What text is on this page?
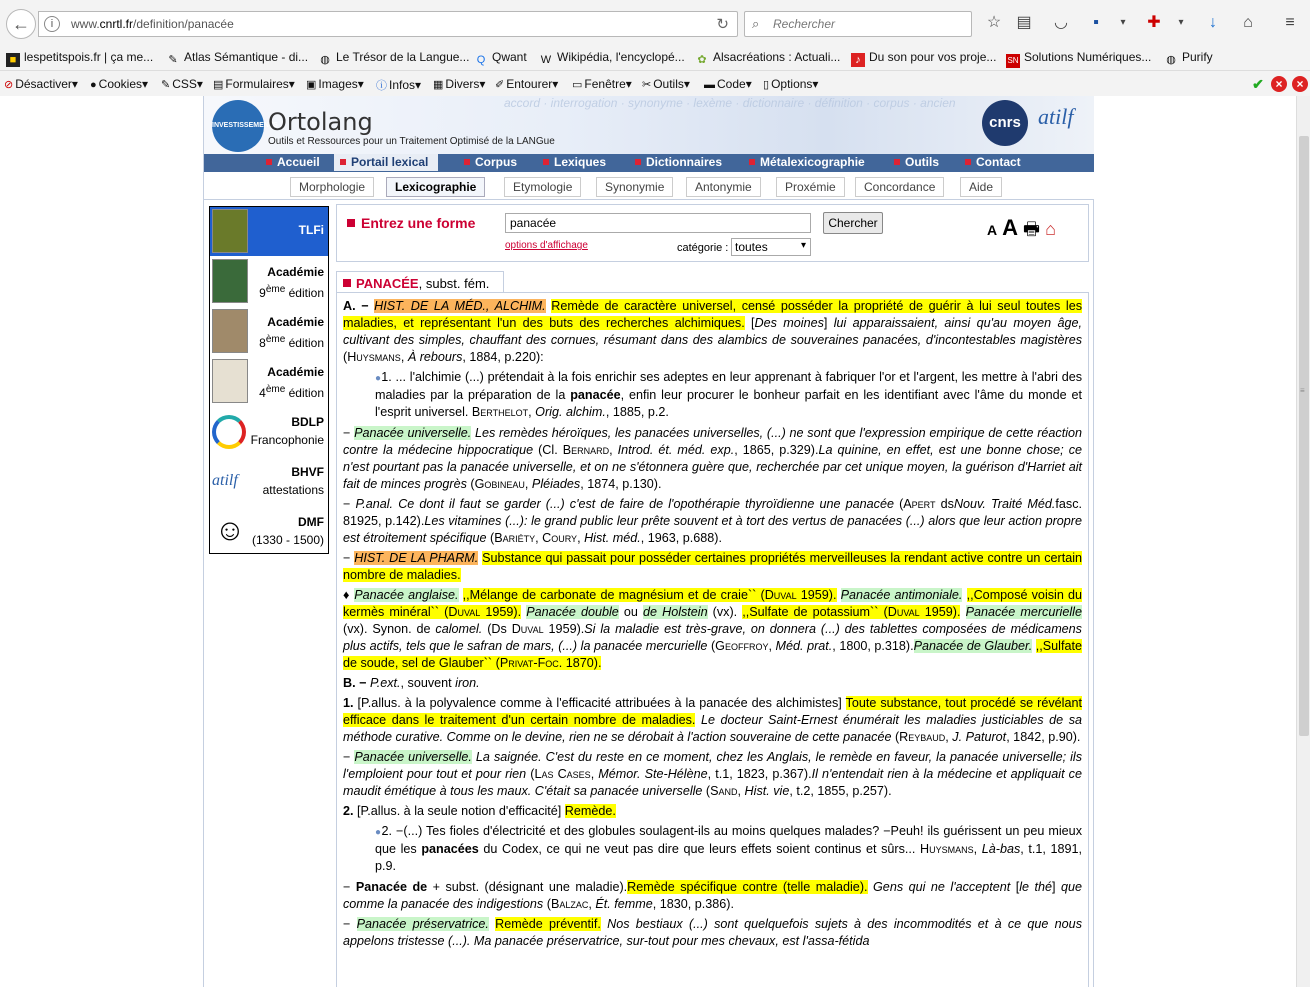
←	i	www.cnrtl.fr/definition/panacée	↻ ⌕ Rechercher	☆ ▤ ◡	▪	▾	✚	▾	↓	⌂	≡
■ lespetitspois.fr | ça me... ✎ Atlas Sémantique - di... ◍ Le Trésor de la Langue... Q Qwant W Wikipédia, l'encyclopé... ✿ Alsacréations : Actuali...	♪ Du son pour vos proje... SN Solutions Numériques... ◍ Purify
⊘ Désactiver▾ ● Cookies▾ ✎ CSS▾ ▤ Formulaires▾ ▣ Images▾ ⓘ Infos▾ ▦ Divers▾ ✐ Entourer▾ ▭ Fenêtre▾ ✂ Outils▾ ▬ Code▾ ▯ Options▾	✔ ×	×
accord · interrogation · synonyme · lexème · dictionnaire · définition · corpus · ancien
INVESTISSEMENTS
Ortolang
Outils et Ressources pour un Traitement Optimisé de la LANGue
cnrs atilf
Accueil	Portail lexical	Corpus	Lexiques	Dictionnaires	Métalexicographie	Outils	Contact
Morphologie	Lexicographie	Etymologie	Synonymie	Antonymie	Proxémie	Concordance	Aide
TLFi
Académie
9ème édition
Académie
8ème édition
Académie
4ème édition
BDLP
Francophonie
atilf	BHVF
attestations
☺	DMF
(1330 - 1500)
Entrez une forme
panacée	Chercher
options d'affichage	catégorie : toutes ▾
A A 🖶 ⌂
PANACÉE, subst. fém.

A. − HIST. DE LA MÉD., ALCHIM. Remède de caractère universel, censé posséder la propriété de guérir à lui seul toutes les maladies, et représentant l'un des buts des recherches alchimiques. [Des moines] lui apparaissaient, ainsi qu'au moyen âge, cultivant des simples, chauffant des cornues, résumant dans des alambics de souveraines panacées, d'incontestables magistères (Huysmans, À rebours, 1884, p.220):

●1. ... l'alchimie (...) prétendait à la fois enrichir ses adeptes en leur apprenant à fabriquer l'or et l'argent, les mettre à l'abri des maladies par la préparation de la panacée, enfin leur procurer le bonheur parfait en les identifiant avec l'âme du monde et l'esprit universel. Berthelot, Orig. alchim., 1885, p.2.

− Panacée universelle. Les remèdes héroïques, les panacées universelles, (...) ne sont que l'expression empirique de cette réaction contre la médecine hippocratique (Cl. Bernard, Introd. ét. méd. exp., 1865, p.329).La quinine, en effet, est une bonne chose; ce n'est pourtant pas la panacée universelle, et on ne s'étonnera guère que, recherchée par cet unique moyen, la guérison d'Harriet ait fait de minces progrès (Gobineau, Pléiades, 1874, p.130).

− P.anal. Ce dont il faut se garder (...) c'est de faire de l'opothérapie thyroïdienne une panacée (Apert dsNouv. Traité Méd.fasc. 81925, p.142).Les vitamines (...): le grand public leur prête souvent et à tort des vertus de panacées (...) alors que leur action propre est étroitement spécifique (Bariéty, Coury, Hist. méd., 1963, p.688).

− HIST. DE LA PHARM. Substance qui passait pour posséder certaines propriétés merveilleuses la rendant active contre un certain nombre de maladies.

♦ Panacée anglaise. ,,Mélange de carbonate de magnésium et de craie`` (Duval 1959). Panacée antimoniale. ,,Composé voisin du kermès minéral`` (Duval 1959). Panacée double ou de Holstein (vx). ,,Sulfate de potassium`` (Duval 1959). Panacée mercurielle (vx). Synon. de calomel. (Ds Duval 1959).Si la maladie est très-grave, on donnera (...) des tablettes composées de médicamens plus actifs, tels que le safran de mars, (...) la panacée mercurielle (Geoffroy, Méd. prat., 1800, p.318).Panacée de Glauber. ,,Sulfate de soude, sel de Glauber`` (Privat-Foc. 1870).

B. − P.ext., souvent iron.

1. [P.allus. à la polyvalence comme à l'efficacité attribuées à la panacée des alchimistes] Toute substance, tout procédé se révélant efficace dans le traitement d'un certain nombre de maladies. Le docteur Saint-Ernest énumérait les maladies justiciables de sa méthode curative. Comme on le devine, rien ne se dérobait à l'action souveraine de cette panacée (Reybaud, J. Paturot, 1842, p.90).

− Panacée universelle. La saignée. C'est du reste en ce moment, chez les Anglais, le remède en faveur, la panacée universelle; ils l'emploient pour tout et pour rien (Las Cases, Mémor. Ste-Hélène, t.1, 1823, p.367).Il n'entendait rien à la médecine et appliquait ce maudit émétique à tous les maux. C'était sa panacée universelle (Sand, Hist. vie, t.2, 1855, p.257).

2. [P.allus. à la seule notion d'efficacité] Remède.

●2. −(...) Tes fioles d'électricité et des globules soulagent-ils au moins quelques malades? −Peuh! ils guérissent un peu mieux que les panacées du Codex, ce qui ne veut pas dire que leurs effets soient continus et sûrs... Huysmans, Là-bas, t.1, 1891, p.9.

− Panacée de + subst. (désignant une maladie).Remède spécifique contre (telle maladie). Gens qui ne l'acceptent [le thé] que comme la panacée des indigestions (Balzac, Ét. femme, 1830, p.386).

− Panacée préservatrice. Remède préventif. Nos bestiaux (...) sont quelquefois sujets à des incommodités et à ce que nous appelons tristesse (...). Ma panacée préservatrice, sur-tout pour mes chevaux, est l'assa-fétida

≡
